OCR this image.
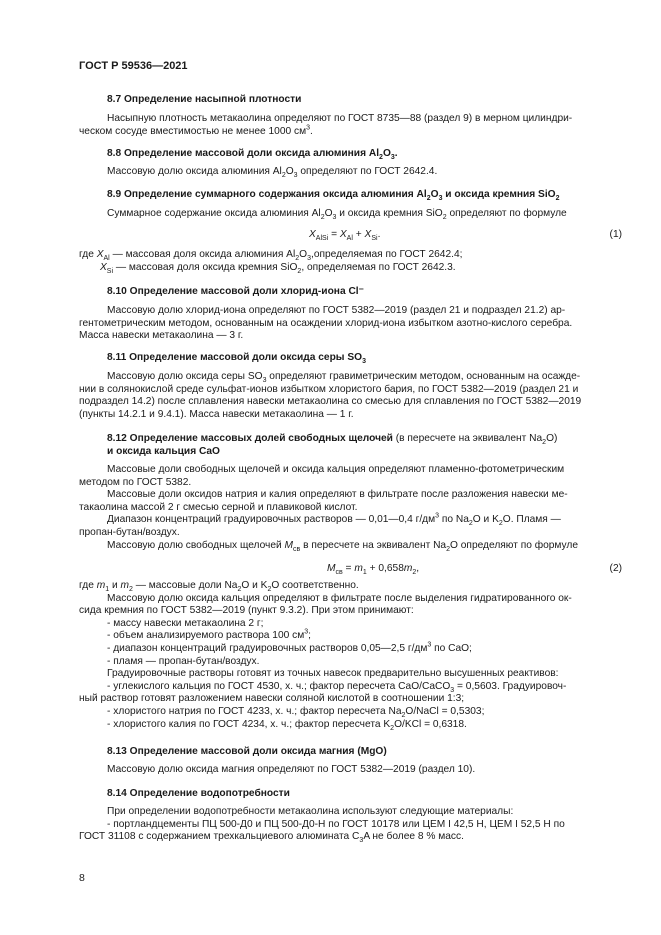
ГОСТ Р 59536—2021
8.7 Определение насыпной плотности

Насыпную плотность метакаолина определяют по ГОСТ 8735—88 (раздел 9) в мерном цилиндри-

ческом сосуде вместимостью не менее 1000 $см^3$.

8.8 Определение массовой доли оксида алюминия $Al_2O_3$.

Массовую долю оксида алюминия $Al_2O_3$ определяют по ГОСТ 2642.4.

8.9 Определение суммарного содержания оксида алюминия $Al_2O_3$ и оксида кремния SiO$_2$

Суммарное содержание оксида алюминия $Al_2O_3$ и оксида кремния SiO$_2$ определяют по формуле

$X_{AlSi} = X_{Al} + X_{Si}$.	(1)

где $X_{Al}$ — массовая доля оксида алюминия $Al_2O_3,определяемая$ по ГОСТ 2642.4;

$X_{Si}$ — массовая доля оксида кремния SiO$_2$, определяемая по ГОСТ 2642.3.

8.10 Определение массовой доли хлорид-иона Cl⁻

Массовую долю хлорид-иона определяют по ГОСТ 5382—2019 (раздел 21 и подраздел 21.2) ар-

гентометрическим методом, основанным на осаждении хлорид-иона избытком азотно-кислого серебра.

Масса навески метакаолина — 3 г.

8.11 Определение массовой доли оксида серы $SO_3$

Массовую долю оксида серы $SO_3$ определяют гравиметрическим методом, основанным на осажде-

нии в солянокислой среде сульфат-ионов избытком хлористого бария, по ГОСТ 5382—2019 (раздел 21 и

подраздел 14.2) после сплавления навески метакаолина со смесью для сплавления по ГОСТ 5382—2019

(пункты 14.2.1 и 9.4.1). Масса навески метакаолина — 1 г.

8.12 Определение массовых долей свободных щелочей (в пересчете на эквивалент $Na_2O$)
и оксида кальция CaO

Массовые доли свободных щелочей и оксида кальция определяют пламенно-фотометрическим

методом по ГОСТ 5382.

Массовые доли оксидов натрия и калия определяют в фильтрате после разложения навески ме-

такаолина массой 2 г смесью серной и плавиковой кислот.

Диапазон концентраций градуировочных растворов — 0,01—0,4 $г/дм^3$ по $Na_2O$ и $K_2O$. Пламя —

пропан-бутан/воздух.

Массовую долю свободных щелочей $M_{св}$ в пересчете на эквивалент $Na_2O$ определяют по формуле

$M_{св} = m_1 + 0,658m_2$,	(2)

где $m_1$ и $m_2$ — массовые доли $Na_2O$ и $K_2O$ соответственно.

Массовую долю оксида кальция определяют в фильтрате после выделения гидратированного ок-

сида кремния по ГОСТ 5382—2019 (пункт 9.3.2). При этом принимают:

- массу навески метакаолина 2 г;

- объем анализируемого раствора 100 $см^3$;

- диапазон концентраций градуировочных растворов 0,05—2,5 $г/дм^3$ по CaO;

- пламя — пропан-бутан/воздух.

Градуировочные растворы готовят из точных навесок предварительно высушенных реактивов:

- углекислого кальция по ГОСТ 4530, х. ч.; фактор пересчета CaO/CaCO$_3$ = 0,5603. Градуировоч-

ный раствор готовят разложением навески соляной кислотой в соотношении 1:3;

- хлористого натрия по ГОСТ 4233, х. ч.; фактор пересчета $Na_2O$/NaCl = 0,5303;

- хлористого калия по ГОСТ 4234, х. ч.; фактор пересчета $K_2O$/KCl = 0,6318.

8.13 Определение массовой доли оксида магния (MgO)

Массовую долю оксида магния определяют по ГОСТ 5382—2019 (раздел 10).

8.14 Определение водопотребности

При определении водопотребности метакаолина используют следующие материалы:

- портландцементы ПЦ 500-Д0 и ПЦ 500-Д0-Н по ГОСТ 10178 или ЦЕМ I 42,5 Н, ЦЕМ I 52,5 Н по

ГОСТ 31108 с содержанием трехкальциевого алюмината $C_3A$ не более 8 % масс.

8
